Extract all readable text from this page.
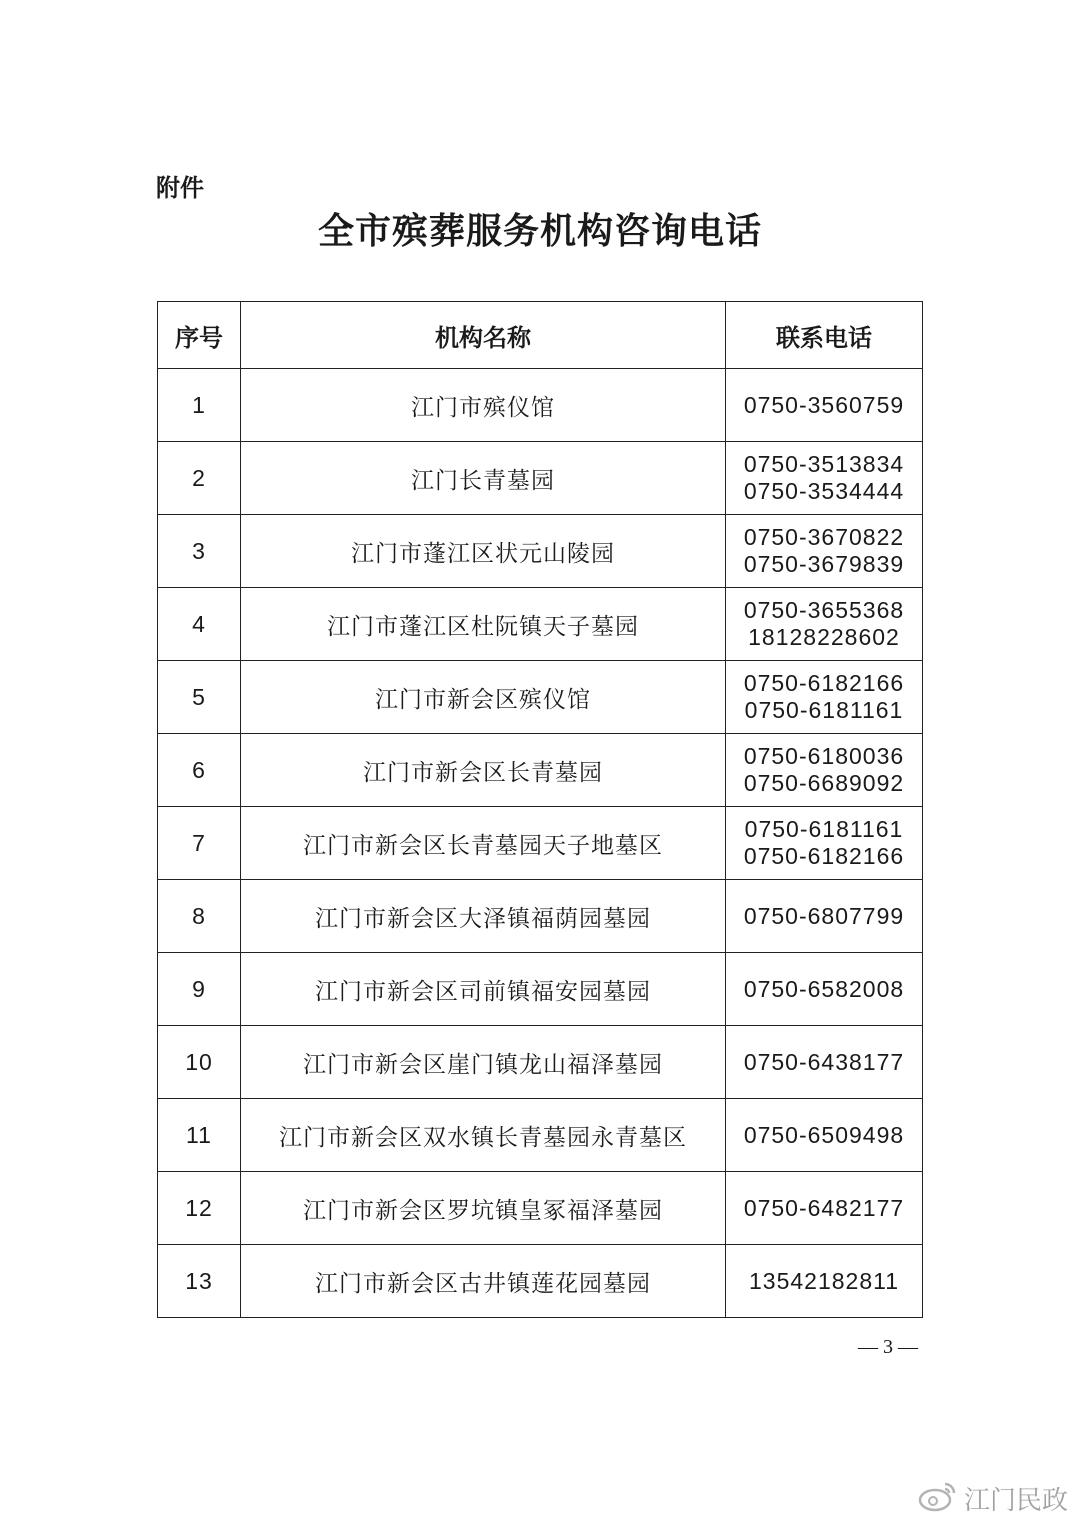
附件
全市殡葬服务机构咨询电话
序号	机构名称	联系电话
1	江门市殡仪馆	0750-3560759

2	江门长青墓园	0750-3513834
0750-3534444

3	江门市蓬江区状元山陵园	0750-3670822
0750-3679839

4	江门市蓬江区杜阮镇天子墓园	0750-3655368
18128228602

5	江门市新会区殡仪馆	0750-6182166
0750-6181161

6	江门市新会区长青墓园	0750-6180036
0750-6689092

7	江门市新会区长青墓园天子地墓区	0750-6181161
0750-6182166

8	江门市新会区大泽镇福荫园墓园	0750-6807799

9	江门市新会区司前镇福安园墓园	0750-6582008

10	江门市新会区崖门镇龙山福泽墓园	0750-6438177

11	江门市新会区双水镇长青墓园永青墓区	0750-6509498

12	江门市新会区罗坑镇皇冢福泽墓园	0750-6482177

13	江门市新会区古井镇莲花园墓园	13542182811
— 3 —
江门民政
